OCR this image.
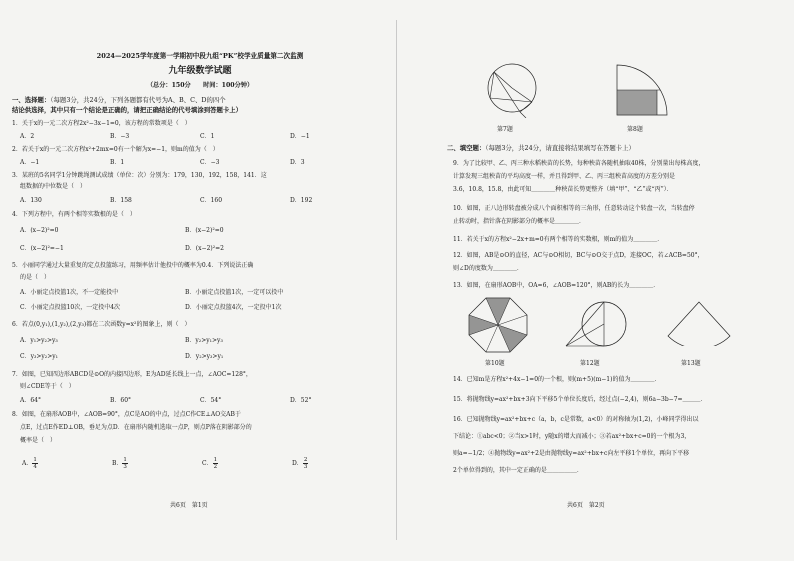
2024—2025学年度第一学期初中段九组“PK”校学业质量第二次监测
九年级数学试题
（总分：150分　　时间：100分钟）
一、选择题：（每题3分，共24分，下列各题都有代号为A、B、C、D的四个
结论供选择，其中只有一个结论是正确的，请把正确结论的代号填涂到答题卡上）
1．关于x的一元二次方程2x²−3x−1=0，该方程的常数项是（　）
A．2	B．−3	C．1	D．−1
2．若关于x的一元二次方程x²+2mx=0有一个解为x=−1，则m的值为（　）
A．−1	B．1	C．−3	D．3
3．某班的5名同学1分钟跳绳测试成绩（单位：次）分别为：179，130，192，158，141．这
组数据的中位数是（　）
A．130	B．158	C．160	D．192
4．下列方程中，有两个相等实数根的是（　）
A．(x−2)²=0	B．(x−2)²=0
C．(x−2)²=−1	D．(x−2)²=2
5．小丽同学通过大量重复的定点投篮练习，用频率估计他投中的概率为0.4．下列说法正确
的是（　）
A．小丽定点投篮1次，不一定能投中	B．小丽定点投篮1次，一定可以投中
C．小丽定点投篮10次，一定投中4次	D．小丽定点投篮4次，一定投中1次
6．若点(0,y₁),(1,y₂),(2,y₃)都在二次函数y=x²的图象上，则（　）
A．y₁>y₂>y₃	B．y₂>y₁>y₃
C．y₃>y₂>y₁	D．y₂>y₃>y₁
7．如图，已知四边形ABCD是⊙O的内接四边形，E为AD延长线上一点，∠AOC=128°，
则∠CDE等于（　）
A．64°	B．60°	C．54°	D．52°
8．如图，在扇形AOB中，∠AOB=90°，点C是AO的中点，过点C作CE⊥AO交AB于
点E，过点E作ED⊥OB，垂足为点D．在扇形内随机选取一点P，则点P落在阴影部分的
概率是（　）
A． $\frac{1}{4}$	B． $\frac{1}{3}$	C． $\frac{1}{2}$	D． $\frac{2}{3}$
共6页　第1页
第7题	第8题
二、填空题：（每题3分，共24分，请直接将结果填写在答题卡上）
9．为了比较甲、乙、丙三种水稻秧苗的长势，每种秧苗各随机抽取40株，分别量出每株高度，
计算发现三组秧苗的平均高度一样，并且得到甲、乙、丙三组秧苗高度的方差分别是
3.6，10.8，15.8，由此可知＿＿＿＿种秧苗长势更整齐（填“甲”、“乙”或“丙”）．
10．如图，正八边形转盘被分成八个面积相等的三角形，任意转动这个转盘一次，当转盘停
止转动时，指针落在阴影部分的概率是＿＿＿＿．
11．若关于x的方程x²−2x+m=0有两个相等的实数根，则m的值为＿＿＿＿．
12．如图，AB是⊙O的直径，AC与⊙O相切，BC与⊙O交于点D，连接OC，若∠ACB=50°，
则∠D的度数为＿＿＿＿．
13．如图，在扇形AOB中，OA=6，∠AOB=120°，则AB的长为＿＿＿＿．
第10题	第12题	第13题
14．已知m是方程x²+4x−1=0的一个根，则(m+5)(m−1)的值为＿＿＿＿．
15．将抛物线y=ax²+bx+3向下平移5个单位长度后，经过点(−2,4)，则6a−3b−7=＿＿＿．
16．已知抛物线y=ax²+bx+c（a，b，c是常数，a<0）的对称轴为(1,2)，小峰同学得出以
下结论：①abc<0；②当x>1时，y随x的增大而减小；③若ax²+bx+c=0的一个根为3，
则a=−1/2；④抛物线y=ax²+2是由抛物线y=ax²+bx+c向左平移1个单位，再向下平移
2个单位得到的，其中一定正确的是＿＿＿＿＿．
共6页　第2页
